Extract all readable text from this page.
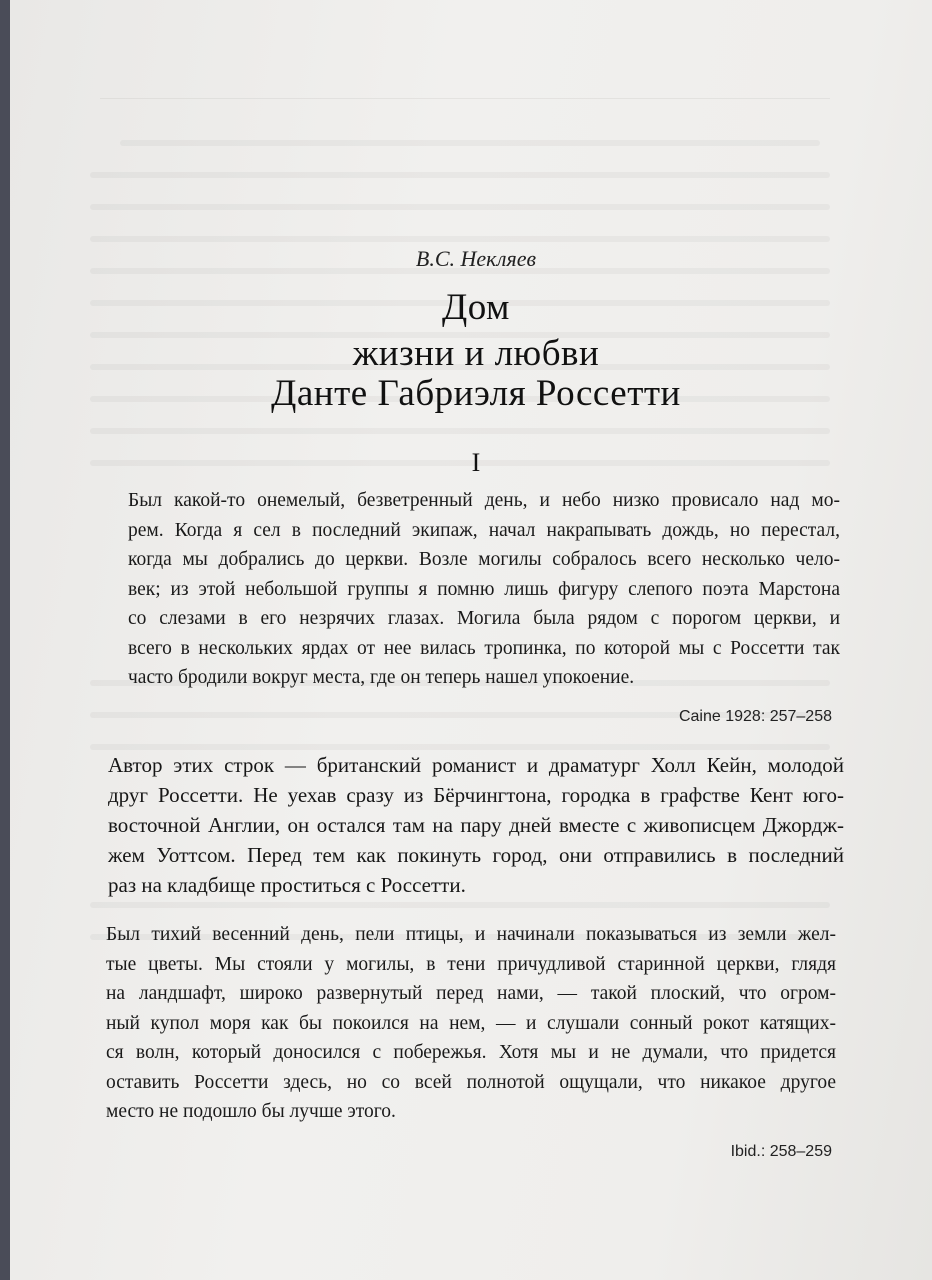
В.С. Некляев
Дом
жизни и любви
Данте Габриэля Россетти
I
Был какой-то онемелый, безветренный день, и небо низко провисало над мо-
рем. Когда я сел в последний экипаж, начал накрапывать дождь, но перестал,
когда мы добрались до церкви. Возле могилы собралось всего несколько чело-
век; из этой небольшой группы я помню лишь фигуру слепого поэта Марстона
со слезами в его незрячих глазах. Могила была рядом с порогом церкви, и
всего в нескольких ярдах от нее вилась тропинка, по которой мы с Россетти так
часто бродили вокруг места, где он теперь нашел упокоение.
Caine 1928: 257–258
Автор этих строк — британский романист и драматург Холл Кейн, молодой
друг Россетти. Не уехав сразу из Бёрчингтона, городка в графстве Кент юго-
восточной Англии, он остался там на пару дней вместе с живописцем Джордж-
жем Уоттсом. Перед тем как покинуть город, они отправились в последний
раз на кладбище проститься с Россетти.
Был тихий весенний день, пели птицы, и начинали показываться из земли жел-
тые цветы. Мы стояли у могилы, в тени причудливой старинной церкви, глядя
на ландшафт, широко развернутый перед нами, — такой плоский, что огром-
ный купол моря как бы покоился на нем, — и слушали сонный рокот катящих-
ся волн, который доносился с побережья. Хотя мы и не думали, что придется
оставить Россетти здесь, но со всей полнотой ощущали, что никакое другое
место не подошло бы лучше этого.
Ibid.: 258–259
